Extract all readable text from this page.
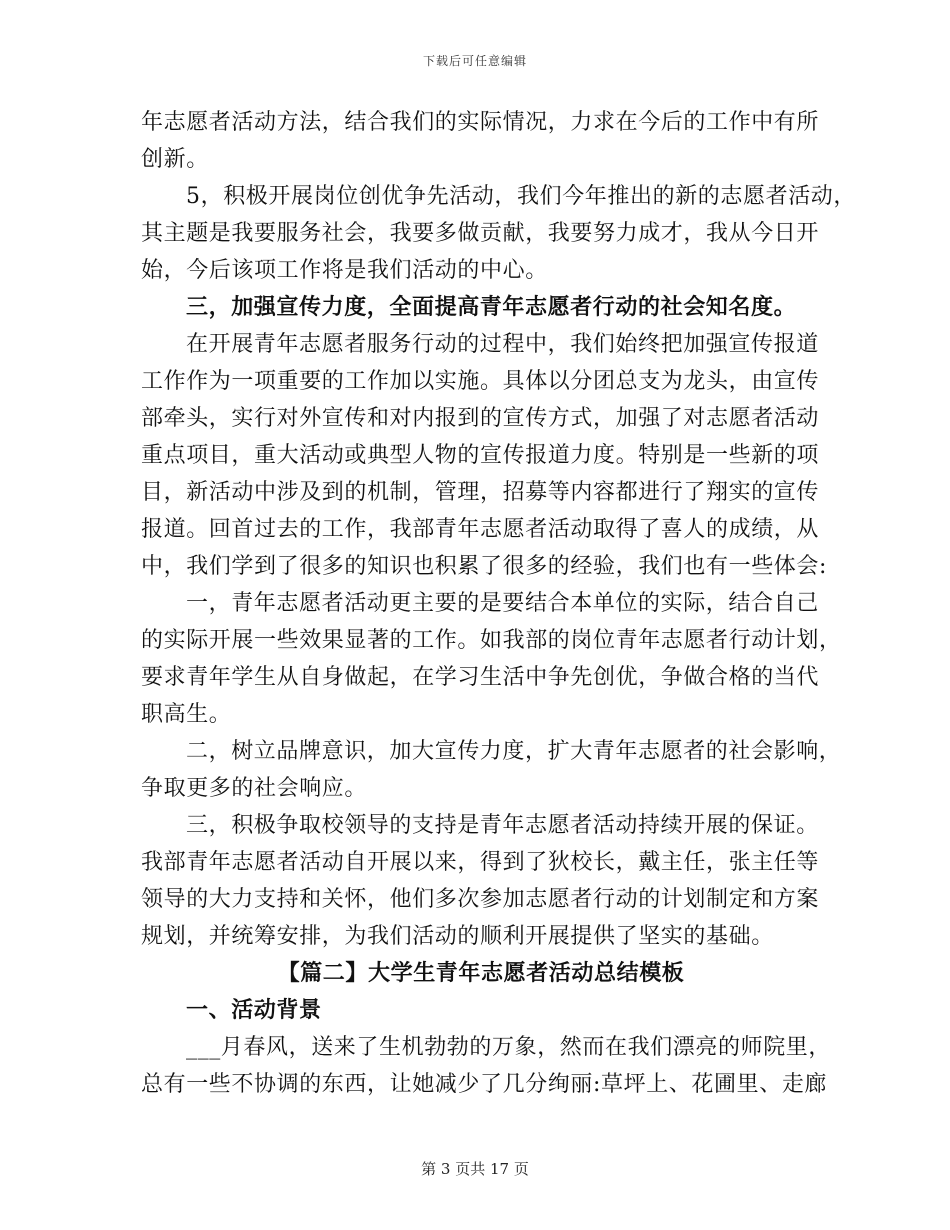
下载后可任意编辑
年志愿者活动方法，结合我们的实际情况，力求在今后的工作中有所
创新。
5，积极开展岗位创优争先活动，我们今年推出的新的志愿者活动，
其主题是我要服务社会，我要多做贡献，我要努力成才，我从今日开
始，今后该项工作将是我们活动的中心。
三，加强宣传力度，全面提高青年志愿者行动的社会知名度。
在开展青年志愿者服务行动的过程中，我们始终把加强宣传报道
工作作为一项重要的工作加以实施。具体以分团总支为龙头，由宣传
部牵头，实行对外宣传和对内报到的宣传方式，加强了对志愿者活动
重点项目，重大活动或典型人物的宣传报道力度。特别是一些新的项
目，新活动中涉及到的机制，管理，招募等内容都进行了翔实的宣传
报道。回首过去的工作，我部青年志愿者活动取得了喜人的成绩，从
中，我们学到了很多的知识也积累了很多的经验，我们也有一些体会:
一，青年志愿者活动更主要的是要结合本单位的实际，结合自己
的实际开展一些效果显著的工作。如我部的岗位青年志愿者行动计划，
要求青年学生从自身做起，在学习生活中争先创优，争做合格的当代
职高生。
二，树立品牌意识，加大宣传力度，扩大青年志愿者的社会影响，
争取更多的社会响应。
三，积极争取校领导的支持是青年志愿者活动持续开展的保证。
我部青年志愿者活动自开展以来，得到了狄校长，戴主任，张主任等
领导的大力支持和关怀，他们多次参加志愿者行动的计划制定和方案
规划，并统筹安排，为我们活动的顺利开展提供了坚实的基础。
【篇二】大学生青年志愿者活动总结模板
一、活动背景
___月春风，送来了生机勃勃的万象，然而在我们漂亮的师院里，
总有一些不协调的东西，让她减少了几分绚丽:草坪上、花圃里、走廊
第 3 页共 17 页
